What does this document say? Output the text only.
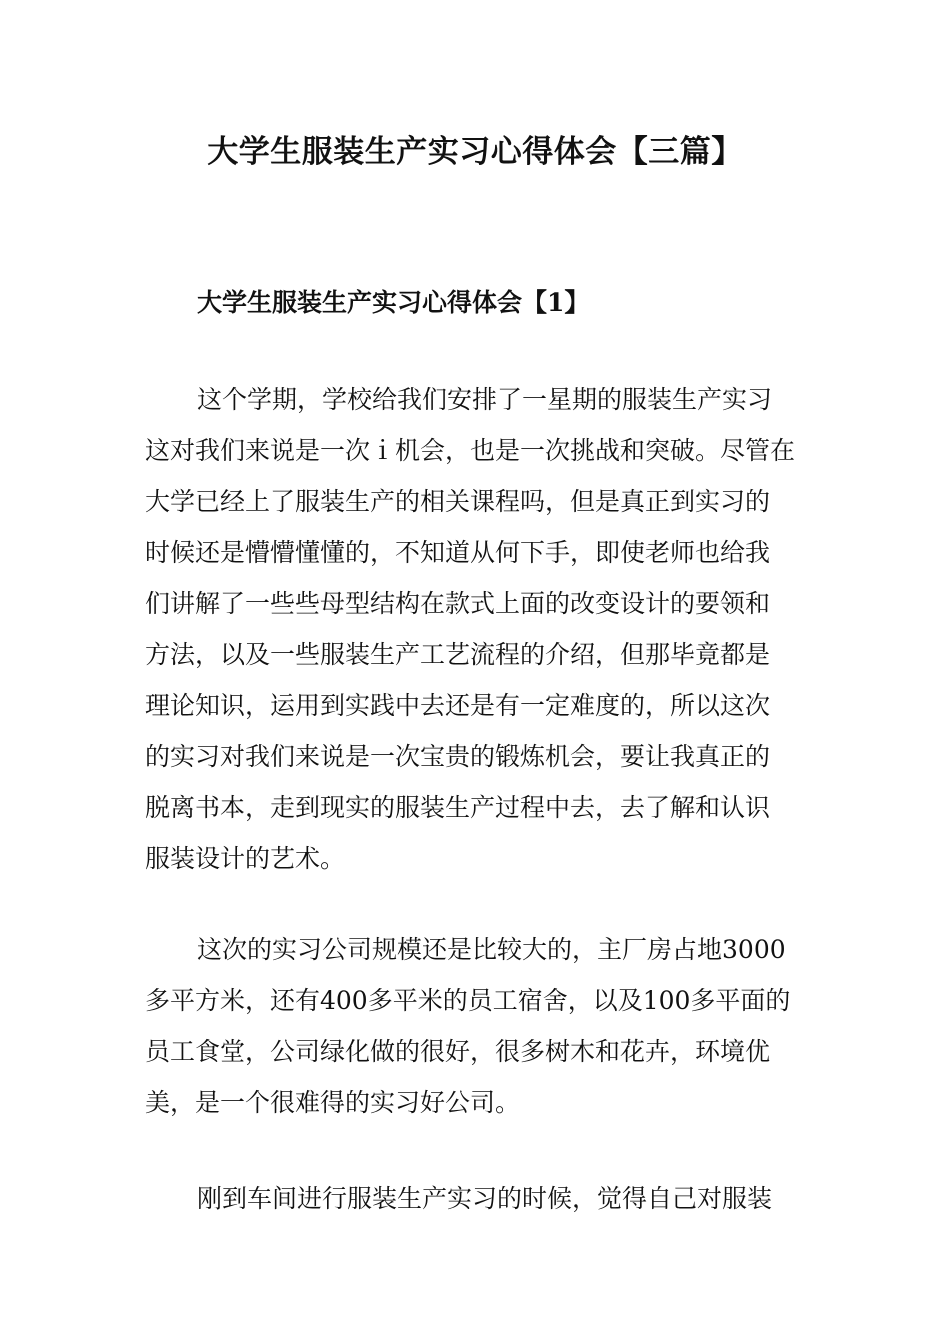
大学生服装生产实习心得体会【三篇】
大学生服装生产实习心得体会【1】
这个学期，学校给我们安排了一星期的服装生产实习
这对我们来说是一次ｉ机会，也是一次挑战和突破。尽管在
大学已经上了服装生产的相关课程吗，但是真正到实习的
时候还是懵懵懂懂的，不知道从何下手，即使老师也给我
们讲解了一些些母型结构在款式上面的改变设计的要领和
方法，以及一些服装生产工艺流程的介绍，但那毕竟都是
理论知识，运用到实践中去还是有一定难度的，所以这次
的实习对我们来说是一次宝贵的锻炼机会，要让我真正的
脱离书本，走到现实的服装生产过程中去，去了解和认识
服装设计的艺术。
这次的实习公司规模还是比较大的，主厂房占地3000
多平方米，还有400多平米的员工宿舍，以及100多平面的
员工食堂，公司绿化做的很好，很多树木和花卉，环境优
美，是一个很难得的实习好公司。
刚到车间进行服装生产实习的时候，觉得自己对服装
